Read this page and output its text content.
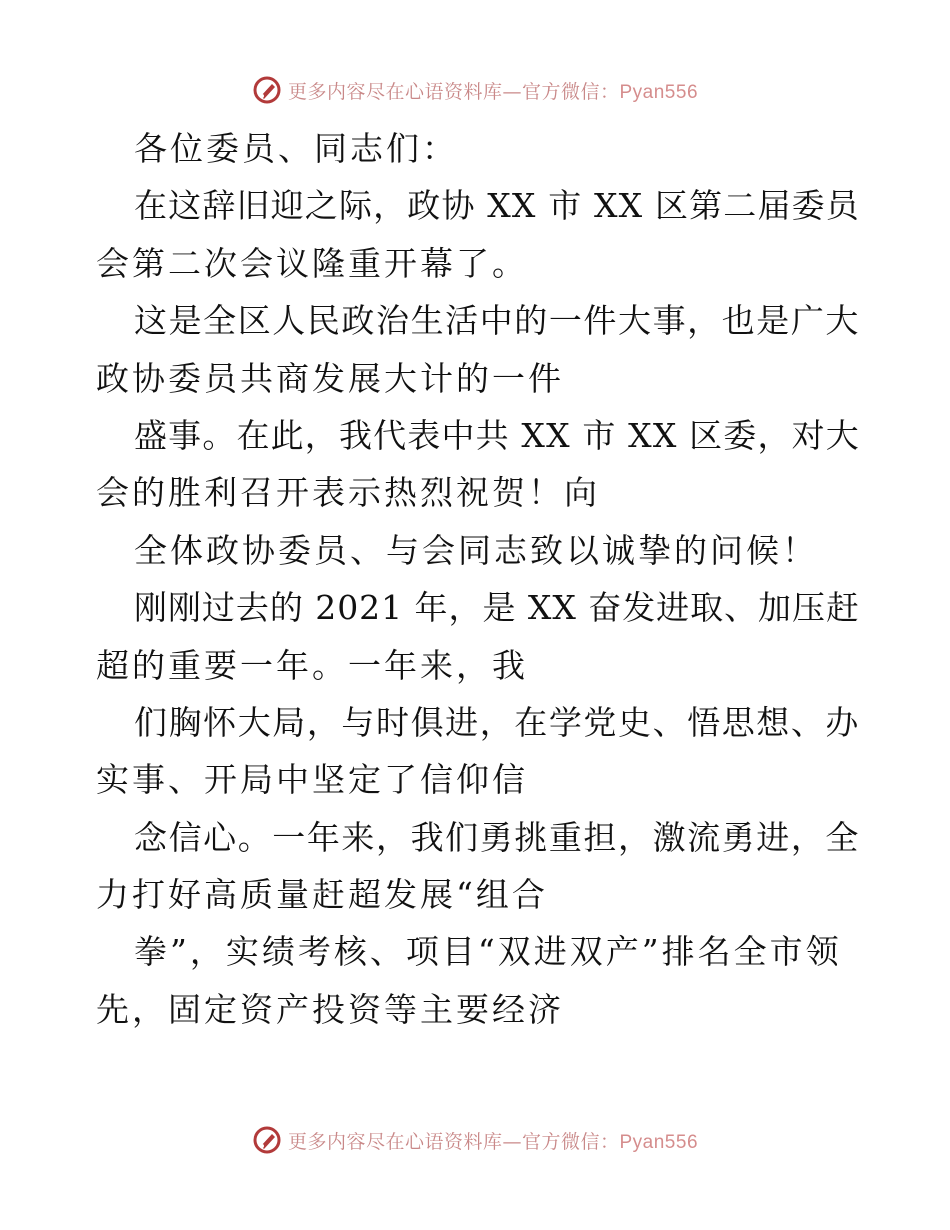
更多内容尽在心语资料库—官方微信：Pyan556
各位委员、同志们：
在这辞旧迎之际，政协 XX 市 XX 区第二届委员
会第二次会议隆重开幕了。
这是全区人民政治生活中的一件大事，也是广大
政协委员共商发展大计的一件
盛事。在此，我代表中共 XX 市 XX 区委，对大
会的胜利召开表示热烈祝贺！向
全体政协委员、与会同志致以诚挚的问候！
刚刚过去的 2021 年，是 XX 奋发进取、加压赶
超的重要一年。一年来，我
们胸怀大局，与时俱进，在学党史、悟思想、办
实事、开局中坚定了信仰信
念信心。一年来，我们勇挑重担，激流勇进，全
力打好高质量赶超发展“组合
拳”，实绩考核、项目“双进双产”排名全市领
先，固定资产投资等主要经济
更多内容尽在心语资料库—官方微信：Pyan556
